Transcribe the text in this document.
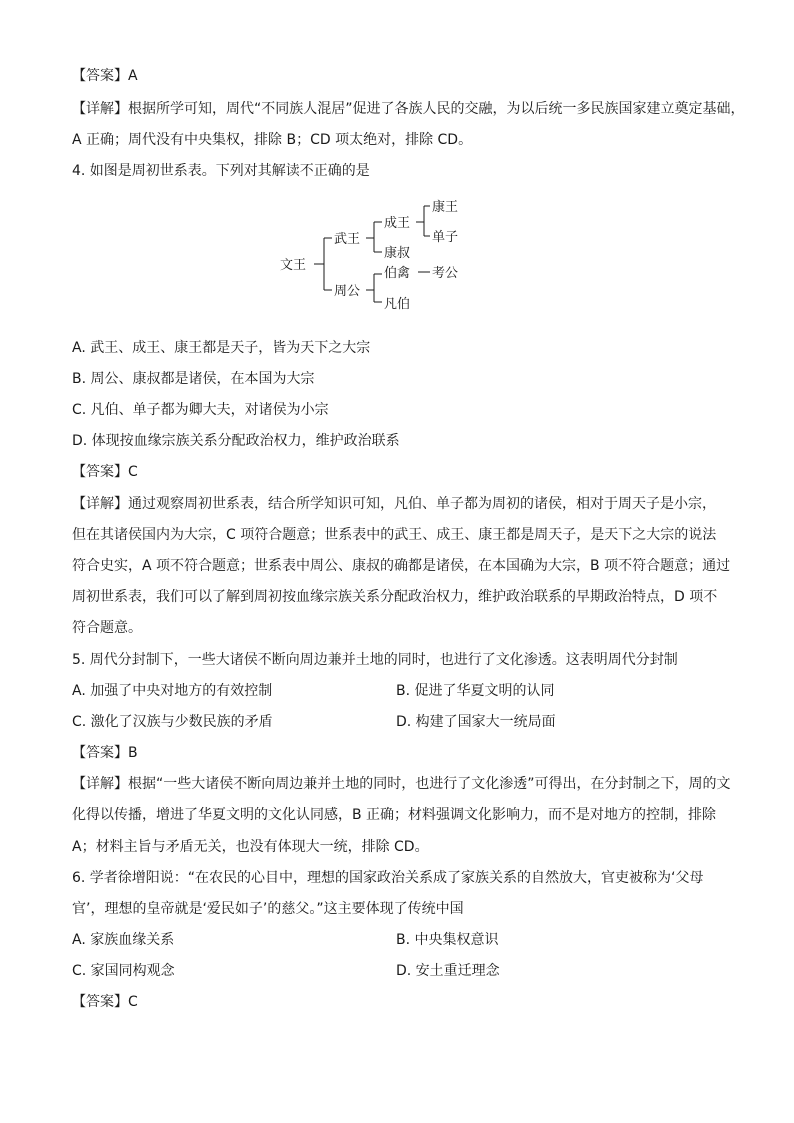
【答案】A
【详解】根据所学可知，周代“不同族人混居”促进了各族人民的交融，为以后统一多民族国家建立奠定基础，
A 正确；周代没有中央集权，排除 B；CD 项太绝对，排除 CD。
4. 如图是周初世系表。下列对其解读不正确的是
文王
武王
周公
成王
康叔
伯禽 考公
凡伯
康王
单子
A. 武王、成王、康王都是天子，皆为天下之大宗
B. 周公、康叔都是诸侯，在本国为大宗
C. 凡伯、单子都为卿大夫，对诸侯为小宗
D. 体现按血缘宗族关系分配政治权力，维护政治联系
【答案】C
【详解】通过观察周初世系表，结合所学知识可知，凡伯、单子都为周初的诸侯，相对于周天子是小宗，
但在其诸侯国内为大宗，C 项符合题意；世系表中的武王、成王、康王都是周天子，是天下之大宗的说法
符合史实，A 项不符合题意；世系表中周公、康叔的确都是诸侯，在本国确为大宗，B 项不符合题意；通过
周初世系表，我们可以了解到周初按血缘宗族关系分配政治权力，维护政治联系的早期政治特点，D 项不
符合题意。
5. 周代分封制下，一些大诸侯不断向周边兼并土地的同时，也进行了文化渗透。这表明周代分封制
A. 加强了中央对地方的有效控制	B. 促进了华夏文明的认同
C. 激化了汉族与少数民族的矛盾	D. 构建了国家大一统局面
【答案】B
【详解】根据“一些大诸侯不断向周边兼并土地的同时，也进行了文化渗透”可得出，在分封制之下，周的文
化得以传播，增进了华夏文明的文化认同感，B 正确；材料强调文化影响力，而不是对地方的控制，排除
A；材料主旨与矛盾无关，也没有体现大一统，排除 CD。
6. 学者徐增阳说：“在农民的心目中，理想的国家政治关系成了家族关系的自然放大，官吏被称为‘父母
官’，理想的皇帝就是‘爱民如子’的慈父。”这主要体现了传统中国
A. 家族血缘关系	B. 中央集权意识
C. 家国同构观念	D. 安土重迁理念
【答案】C
